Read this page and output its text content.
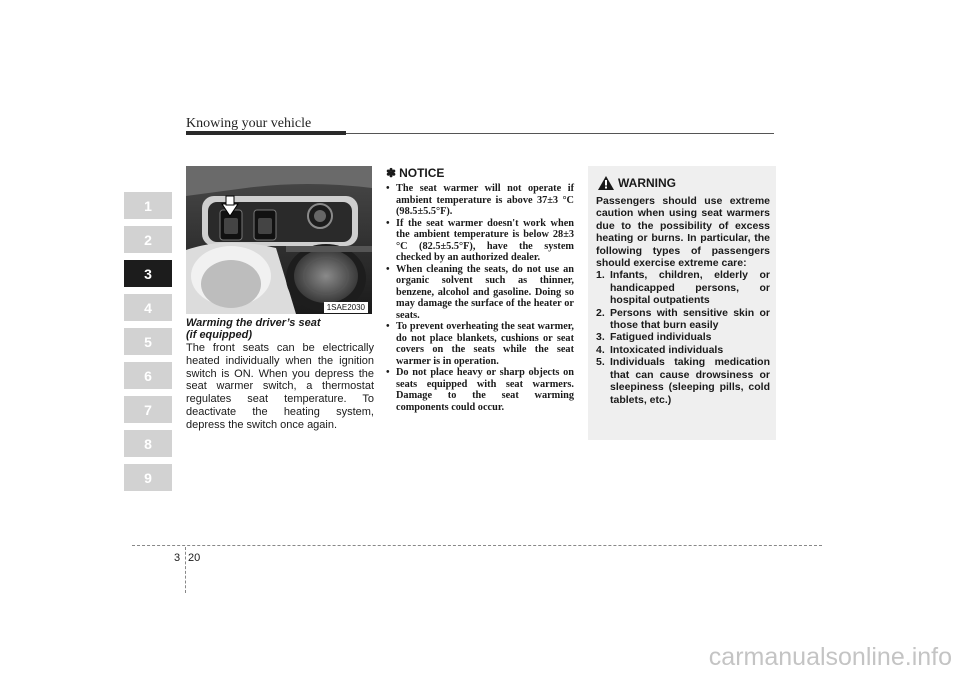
Knowing your vehicle
1
2
3
4
5
6
7
8
9
1SAE2030
Warming the driver’s seat
(if equipped)
The front seats can be electrically heated individually when the ignition switch is ON. When you depress the seat warmer switch, a thermostat regulates seat temperature. To deactivate the heating system, depress the switch once again.
✽ NOTICE
• The seat warmer will not operate if ambient temperature is above 37±3 °C (98.5±5.5°F).
• If the seat warmer doesn't work when the ambient temperature is below 28±3 °C (82.5±5.5°F), have the system checked by an authorized dealer.
• When cleaning the seats, do not use an organic solvent such as thinner, benzene, alcohol and gasoline. Doing so may damage the surface of the heater or seats.
• To prevent overheating the seat warmer, do not place blankets, cushions or seat covers on the seats while the seat warmer is in operation.
• Do not place heavy or sharp objects on seats equipped with seat warmers. Damage to the seat warming components could occur.
WARNING
Passengers should use extreme caution when using seat warmers due to the possibility of excess heating or burns. In particular, the following types of passengers should exercise extreme care:
1. Infants, children, elderly or handicapped persons, or hospital outpatients
2. Persons with sensitive skin or those that burn easily
3. Fatigued individuals
4. Intoxicated individuals
5. Individuals taking medication that can cause drowsiness or sleepiness (sleeping pills, cold tablets, etc.)
3 20
carmanualsonline.info
